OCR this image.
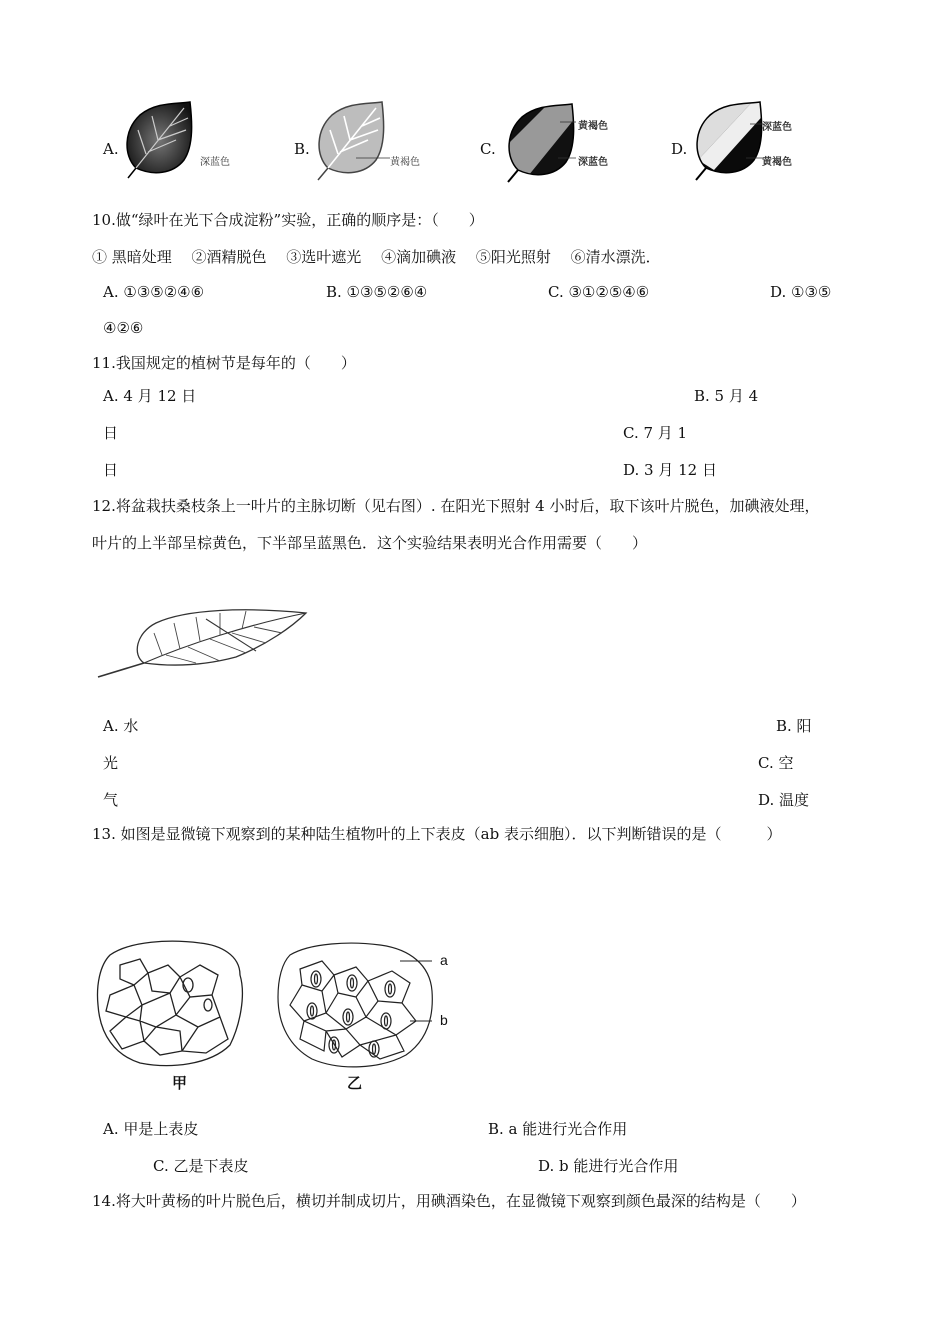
A.
深蓝色
B.
黄褐色
C.
黄褐色
深蓝色
D.
深蓝色
黄褐色
10.做“绿叶在光下合成淀粉”实验，正确的顺序是：（　　）
① 黑暗处理　 ②酒精脱色　 ③选叶遮光　 ④滴加碘液　 ⑤阳光照射　 ⑥清水漂洗．
A. ①③⑤②④⑥	B. ①③⑤②⑥④	C. ③①②⑤④⑥	D. ①③⑤
④②⑥
11.我国规定的植树节是每年的（　　）
A. 4 月 12 日	B. 5 月 4
日	C. 7 月 1
日	D. 3 月 12 日
12.将盆栽扶桑枝条上一叶片的主脉切断（见右图）. 在阳光下照射 4 小时后，取下该叶片脱色，加碘液处理，
叶片的上半部呈棕黄色，下半部呈蓝黑色．这个实验结果表明光合作用需要（　　）
A. 水	B. 阳
光	C. 空
气	D. 温度
13. 如图是显微镜下观察到的某种陆生植物叶的上下表皮（ab 表示细胞）．以下判断错误的是（　　　）
a
b
甲	乙
A. 甲是上表皮	B. a 能进行光合作用
C. 乙是下表皮	D. b 能进行光合作用
14.将大叶黄杨的叶片脱色后，横切并制成切片，用碘酒染色，在显微镜下观察到颜色最深的结构是（　　）
